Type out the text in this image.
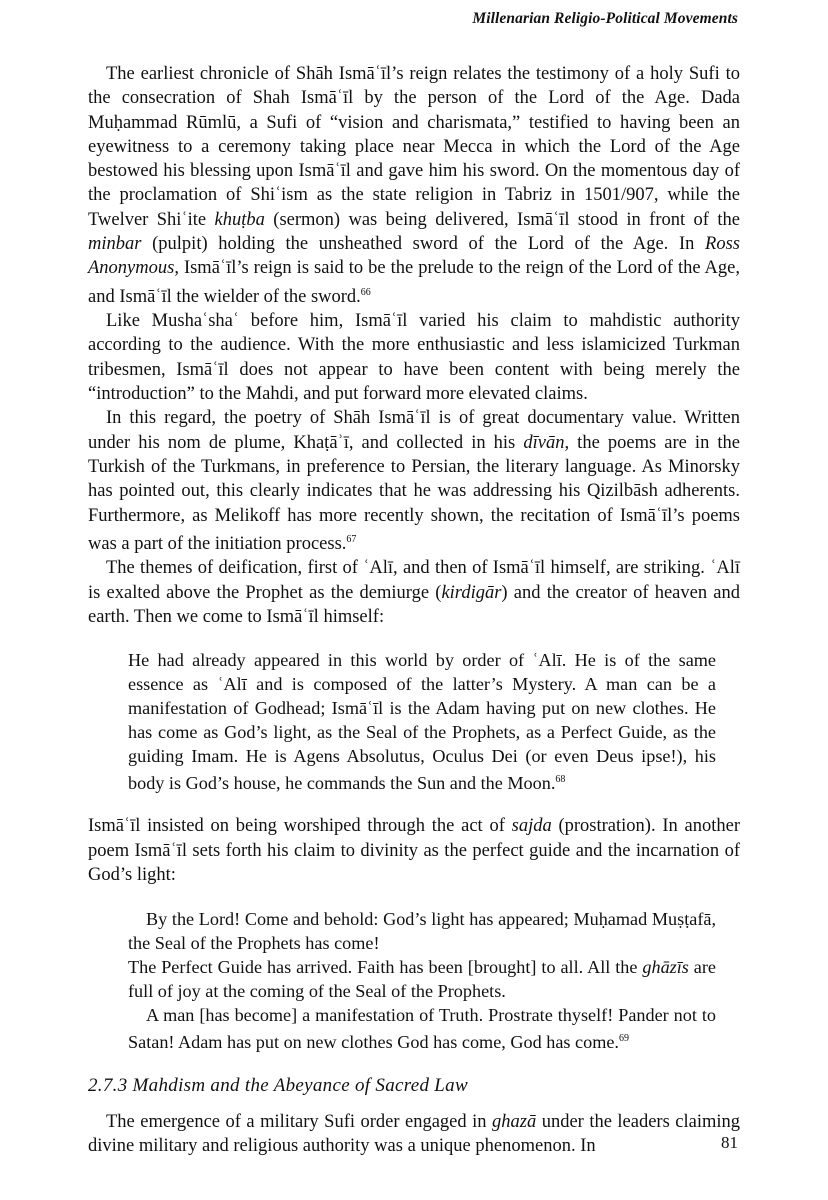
Millenarian Religio-Political Movements

The earliest chronicle of Shāh Ismāʿīl’s reign relates the testimony of a holy Sufi to the consecration of Shah Ismāʿīl by the person of the Lord of the Age. Dada Muḥammad Rūmlū, a Sufi of “vision and charismata,” testified to having been an eyewitness to a ceremony taking place near Mecca in which the Lord of the Age bestowed his blessing upon Ismāʿīl and gave him his sword. On the momentous day of the proclamation of Shiʿism as the state religion in Tabriz in 1501/907, while the Twelver Shiʿite khuṭba (sermon) was being delivered, Ismāʿīl stood in front of the minbar (pulpit) holding the unsheathed sword of the Lord of the Age. In Ross Anonymous, Ismāʿīl’s reign is said to be the prelude to the reign of the Lord of the Age, and Ismāʿīl the wielder of the sword.$^{66}$

Like Mushaʿshaʿ before him, Ismāʿīl varied his claim to mahdistic authority according to the audience. With the more enthusiastic and less islamicized Turkman tribesmen, Ismāʿīl does not appear to have been content with being merely the “introduction” to the Mahdi, and put forward more elevated claims.

In this regard, the poetry of Shāh Ismāʿīl is of great documentary value. Written under his nom de plume, Khaṭāʾī, and collected in his dīvān, the poems are in the Turkish of the Turkmans, in preference to Persian, the literary language. As Minorsky has pointed out, this clearly indicates that he was addressing his Qizilbāsh adherents. Furthermore, as Melikoff has more recently shown, the recitation of Ismāʿīl’s poems was a part of the initiation process.$^{67}$

The themes of deification, first of ʿAlī, and then of Ismāʿīl himself, are striking. ʿAlī is exalted above the Prophet as the demiurge (kirdigār) and the creator of heaven and earth. Then we come to Ismāʿīl himself:

He had already appeared in this world by order of ʿAlī. He is of the same essence as ʿAlī and is composed of the latter’s Mystery. A man can be a manifestation of Godhead; Ismāʿīl is the Adam having put on new clothes. He has come as God’s light, as the Seal of the Prophets, as a Perfect Guide, as the guiding Imam. He is Agens Absolutus, Oculus Dei (or even Deus ipse!), his body is God’s house, he commands the Sun and the Moon.$^{68}$

Ismāʿīl insisted on being worshiped through the act of sajda (prostration). In another poem Ismāʿīl sets forth his claim to divinity as the perfect guide and the incarnation of God’s light:

By the Lord! Come and behold: God’s light has appeared; Muḥamad Muṣṭafā, the Seal of the Prophets has come!

The Perfect Guide has arrived. Faith has been [brought] to all. All the ghāzīs are full of joy at the coming of the Seal of the Prophets.

A man [has become] a manifestation of Truth. Prostrate thyself! Pander not to Satan! Adam has put on new clothes God has come, God has come.$^{69}$

2.7.3 Mahdism and the Abeyance of Sacred Law

The emergence of a military Sufi order engaged in ghazā under the leaders claiming divine military and religious authority was a unique phenomenon. In	81
